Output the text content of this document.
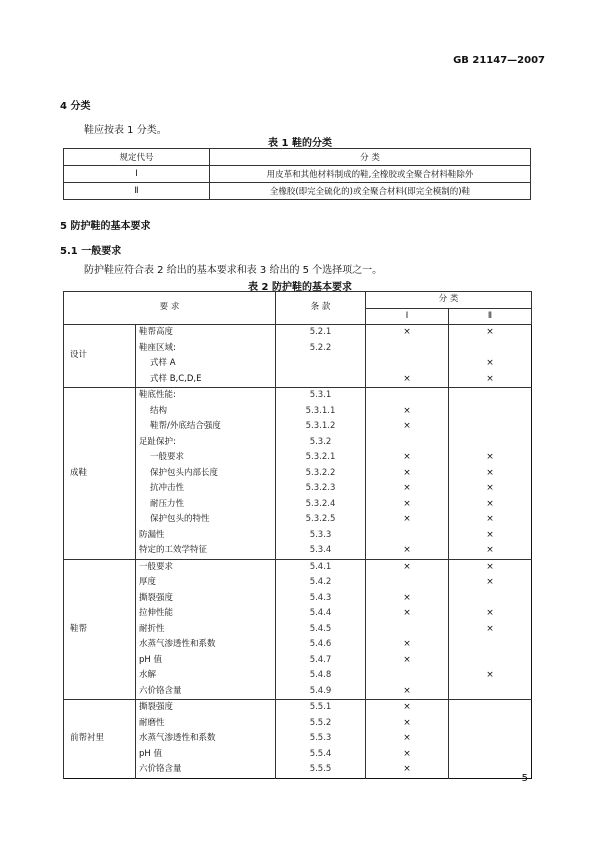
GB 21147—2007
4 分类
鞋应按表 1 分类。
表 1 鞋的分类
规定代号	分 类
Ⅰ	用皮革和其他材料制成的鞋,全橡胶或全聚合材料鞋除外
Ⅱ	全橡胶(即完全硫化的)或全聚合材料(即完全模制的)鞋
5 防护鞋的基本要求
5.1 一般要求
防护鞋应符合表 2 给出的基本要求和表 3 给出的 5 个选择项之一。
表 2 防护鞋的基本要求
要 求		条 款	分 类	
			Ⅰ	Ⅱ
设计	鞋帮高度	5.2.1	×	×
	鞋座区域:	5.2.2		
	式样 A			×
	式样 B,C,D,E		×	×
成鞋	鞋底性能:	5.3.1		
	结构	5.3.1.1	×	
	鞋帮/外底结合强度	5.3.1.2	×	
	足趾保护:	5.3.2		
	一般要求	5.3.2.1	×	×
	保护包头内部长度	5.3.2.2	×	×
	抗冲击性	5.3.2.3	×	×
	耐压力性	5.3.2.4	×	×
	保护包头的特性	5.3.2.5	×	×
	防漏性	5.3.3		×
	特定的工效学特征	5.3.4	×	×
鞋帮	一般要求	5.4.1	×	×
	厚度	5.4.2		×
	撕裂强度	5.4.3	×	
	拉伸性能	5.4.4	×	×
	耐折性	5.4.5		×
	水蒸气渗透性和系数	5.4.6	×	
	pH 值	5.4.7	×	
	水解	5.4.8		×
	六价铬含量	5.4.9	×	
前帮衬里	撕裂强度	5.5.1	×	
	耐磨性	5.5.2	×	
	水蒸气渗透性和系数	5.5.3	×	
	pH 值	5.5.4	×	
	六价铬含量	5.5.5	×	
5
